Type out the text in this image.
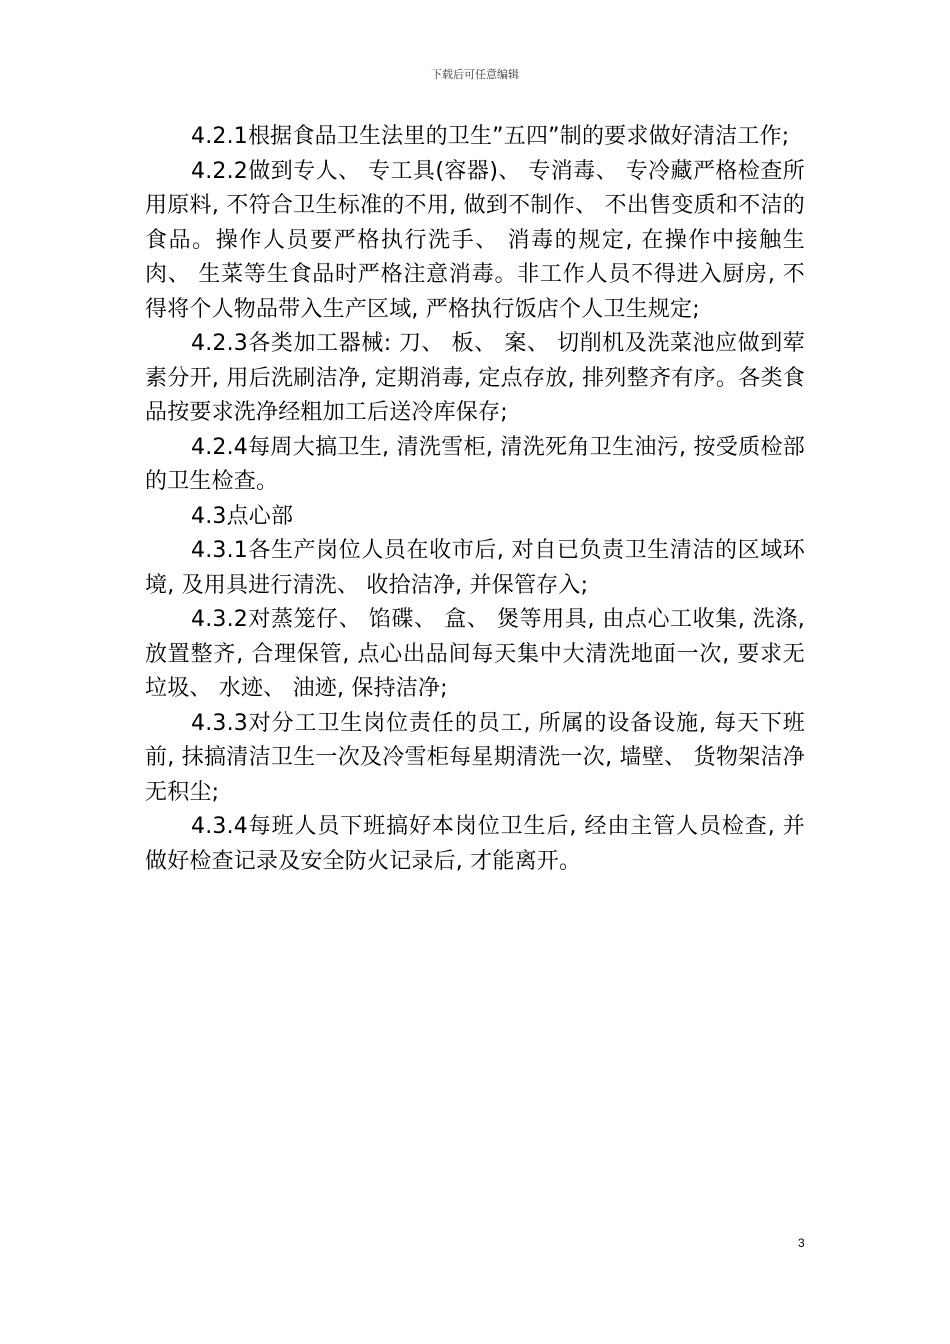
下载后可任意编辑

4.2.1根据食品卫生法里的卫生”五四”制的要求做好清洁工作;

4.2.2做到专人、 专工具(容器)、 专消毒、 专冷藏严格检查所用原料, 不符合卫生标准的不用, 做到不制作、 不出售变质和不洁的食品。操作人员要严格执行洗手、 消毒的规定, 在操作中接触生肉、 生菜等生食品时严格注意消毒。非工作人员不得进入厨房, 不得将个人物品带入生产区域, 严格执行饭店个人卫生规定;

4.2.3各类加工器械: 刀、 板、 案、 切削机及洗菜池应做到荤素分开, 用后洗刷洁净, 定期消毒, 定点存放, 排列整齐有序。各类食品按要求洗净经粗加工后送冷库保存;

4.2.4每周大搞卫生, 清洗雪柜, 清洗死角卫生油污, 按受质检部的卫生检查。

4.3点心部

4.3.1各生产岗位人员在收市后, 对自已负责卫生清洁的区域环境, 及用具进行清洗、 收拾洁净, 并保管存入;

4.3.2对蒸笼仔、 馅碟、 盒、 煲等用具, 由点心工收集, 洗涤, 放置整齐, 合理保管, 点心出品间每天集中大清洗地面一次, 要求无垃圾、 水迹、 油迹, 保持洁净;

4.3.3对分工卫生岗位责任的员工, 所属的设备设施, 每天下班前, 抹搞清洁卫生一次及冷雪柜每星期清洗一次, 墙壁、 货物架洁净无积尘;

4.3.4每班人员下班搞好本岗位卫生后, 经由主管人员检查, 并做好检查记录及安全防火记录后, 才能离开。

3
